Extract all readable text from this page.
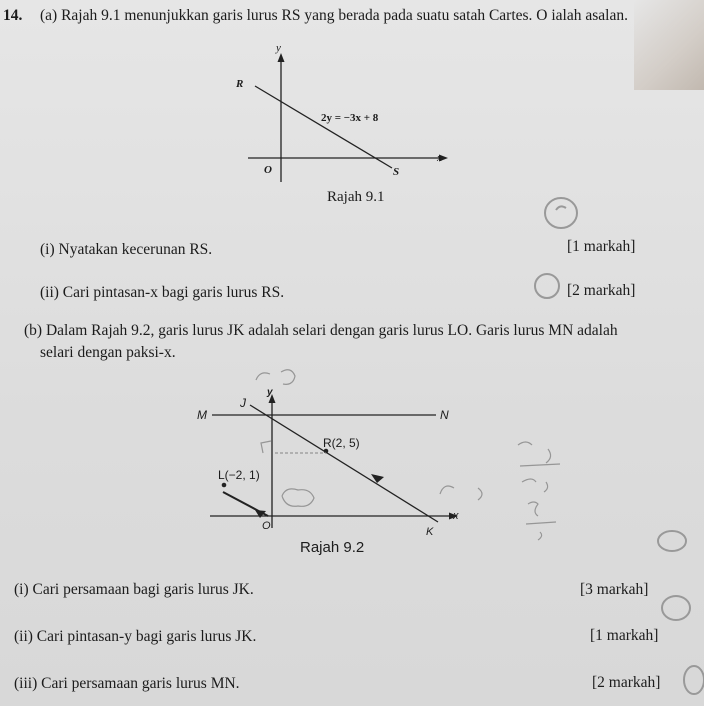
14. (a) Rajah 9.1 menunjukkan garis lurus RS yang berada pada suatu satah Cartes. O ialah asalan.
y
x
R
O	S
2y = −3x + 8
Rajah 9.1
(i) Nyatakan kecerunan RS.	[1 markah]
(ii) Cari pintasan-x bagi garis lurus RS.	[2 markah]
(b) Dalam Rajah 9.2, garis lurus JK adalah selari dengan garis lurus LO. Garis lurus MN adalah
selari dengan paksi-x.
y
x
J
M	N
R(2, 5)
L(−2, 1)
O	K
Rajah 9.2
(i) Cari persamaan bagi garis lurus JK.	[3 markah]
(ii) Cari pintasan-y bagi garis lurus JK.	[1 markah]
(iii) Cari persamaan garis lurus MN.	[2 markah]
